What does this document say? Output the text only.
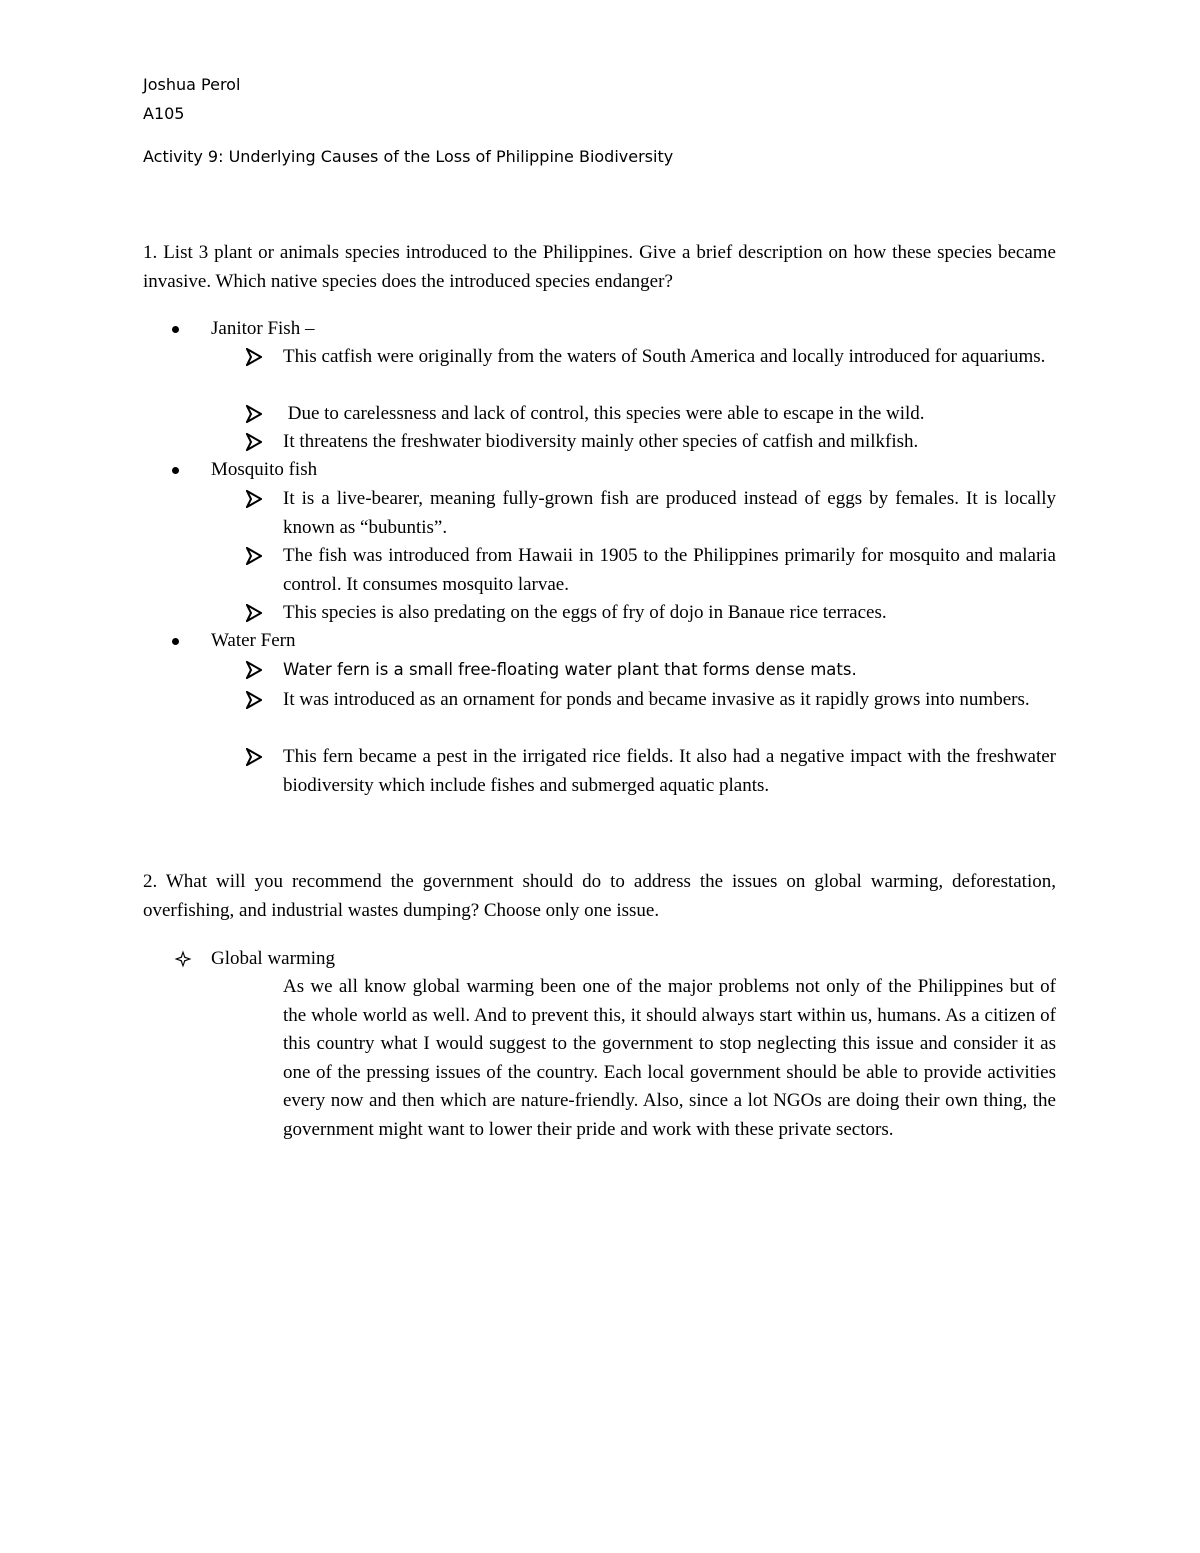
Joshua Perol
A105
Activity 9: Underlying Causes of the Loss of Philippine Biodiversity
1. List 3 plant or animals species introduced to the Philippines. Give a brief description on how these species became invasive. Which native species does the introduced species endanger?
Janitor Fish –
This catfish were originally from the waters of South America and locally introduced for aquariums.
Due to carelessness and lack of control, this species were able to escape in the wild.
It threatens the freshwater biodiversity mainly other species of catfish and milkfish.
Mosquito fish
It is a live-bearer, meaning fully-grown fish are produced instead of eggs by females. It is locally known as “bubuntis”.
The fish was introduced from Hawaii in 1905 to the Philippines primarily for mosquito and malaria control. It consumes mosquito larvae.
This species is also predating on the eggs of fry of dojo in Banaue rice terraces.
Water Fern
Water fern is a small free-floating water plant that forms dense mats.
It was introduced as an ornament for ponds and became invasive as it rapidly grows into numbers.
This fern became a pest in the irrigated rice fields. It also had a negative impact with the freshwater biodiversity which include fishes and submerged aquatic plants.
2. What will you recommend the government should do to address the issues on global warming, deforestation, overfishing, and industrial wastes dumping? Choose only one issue.
Global warming
As we all know global warming been one of the major problems not only of the Philippines but of the whole world as well. And to prevent this, it should always start within us, humans. As a citizen of this country what I would suggest to the government to stop neglecting this issue and consider it as one of the pressing issues of the country. Each local government should be able to provide activities every now and then which are nature-friendly. Also, since a lot NGOs are doing their own thing, the government might want to lower their pride and work with these private sectors.
